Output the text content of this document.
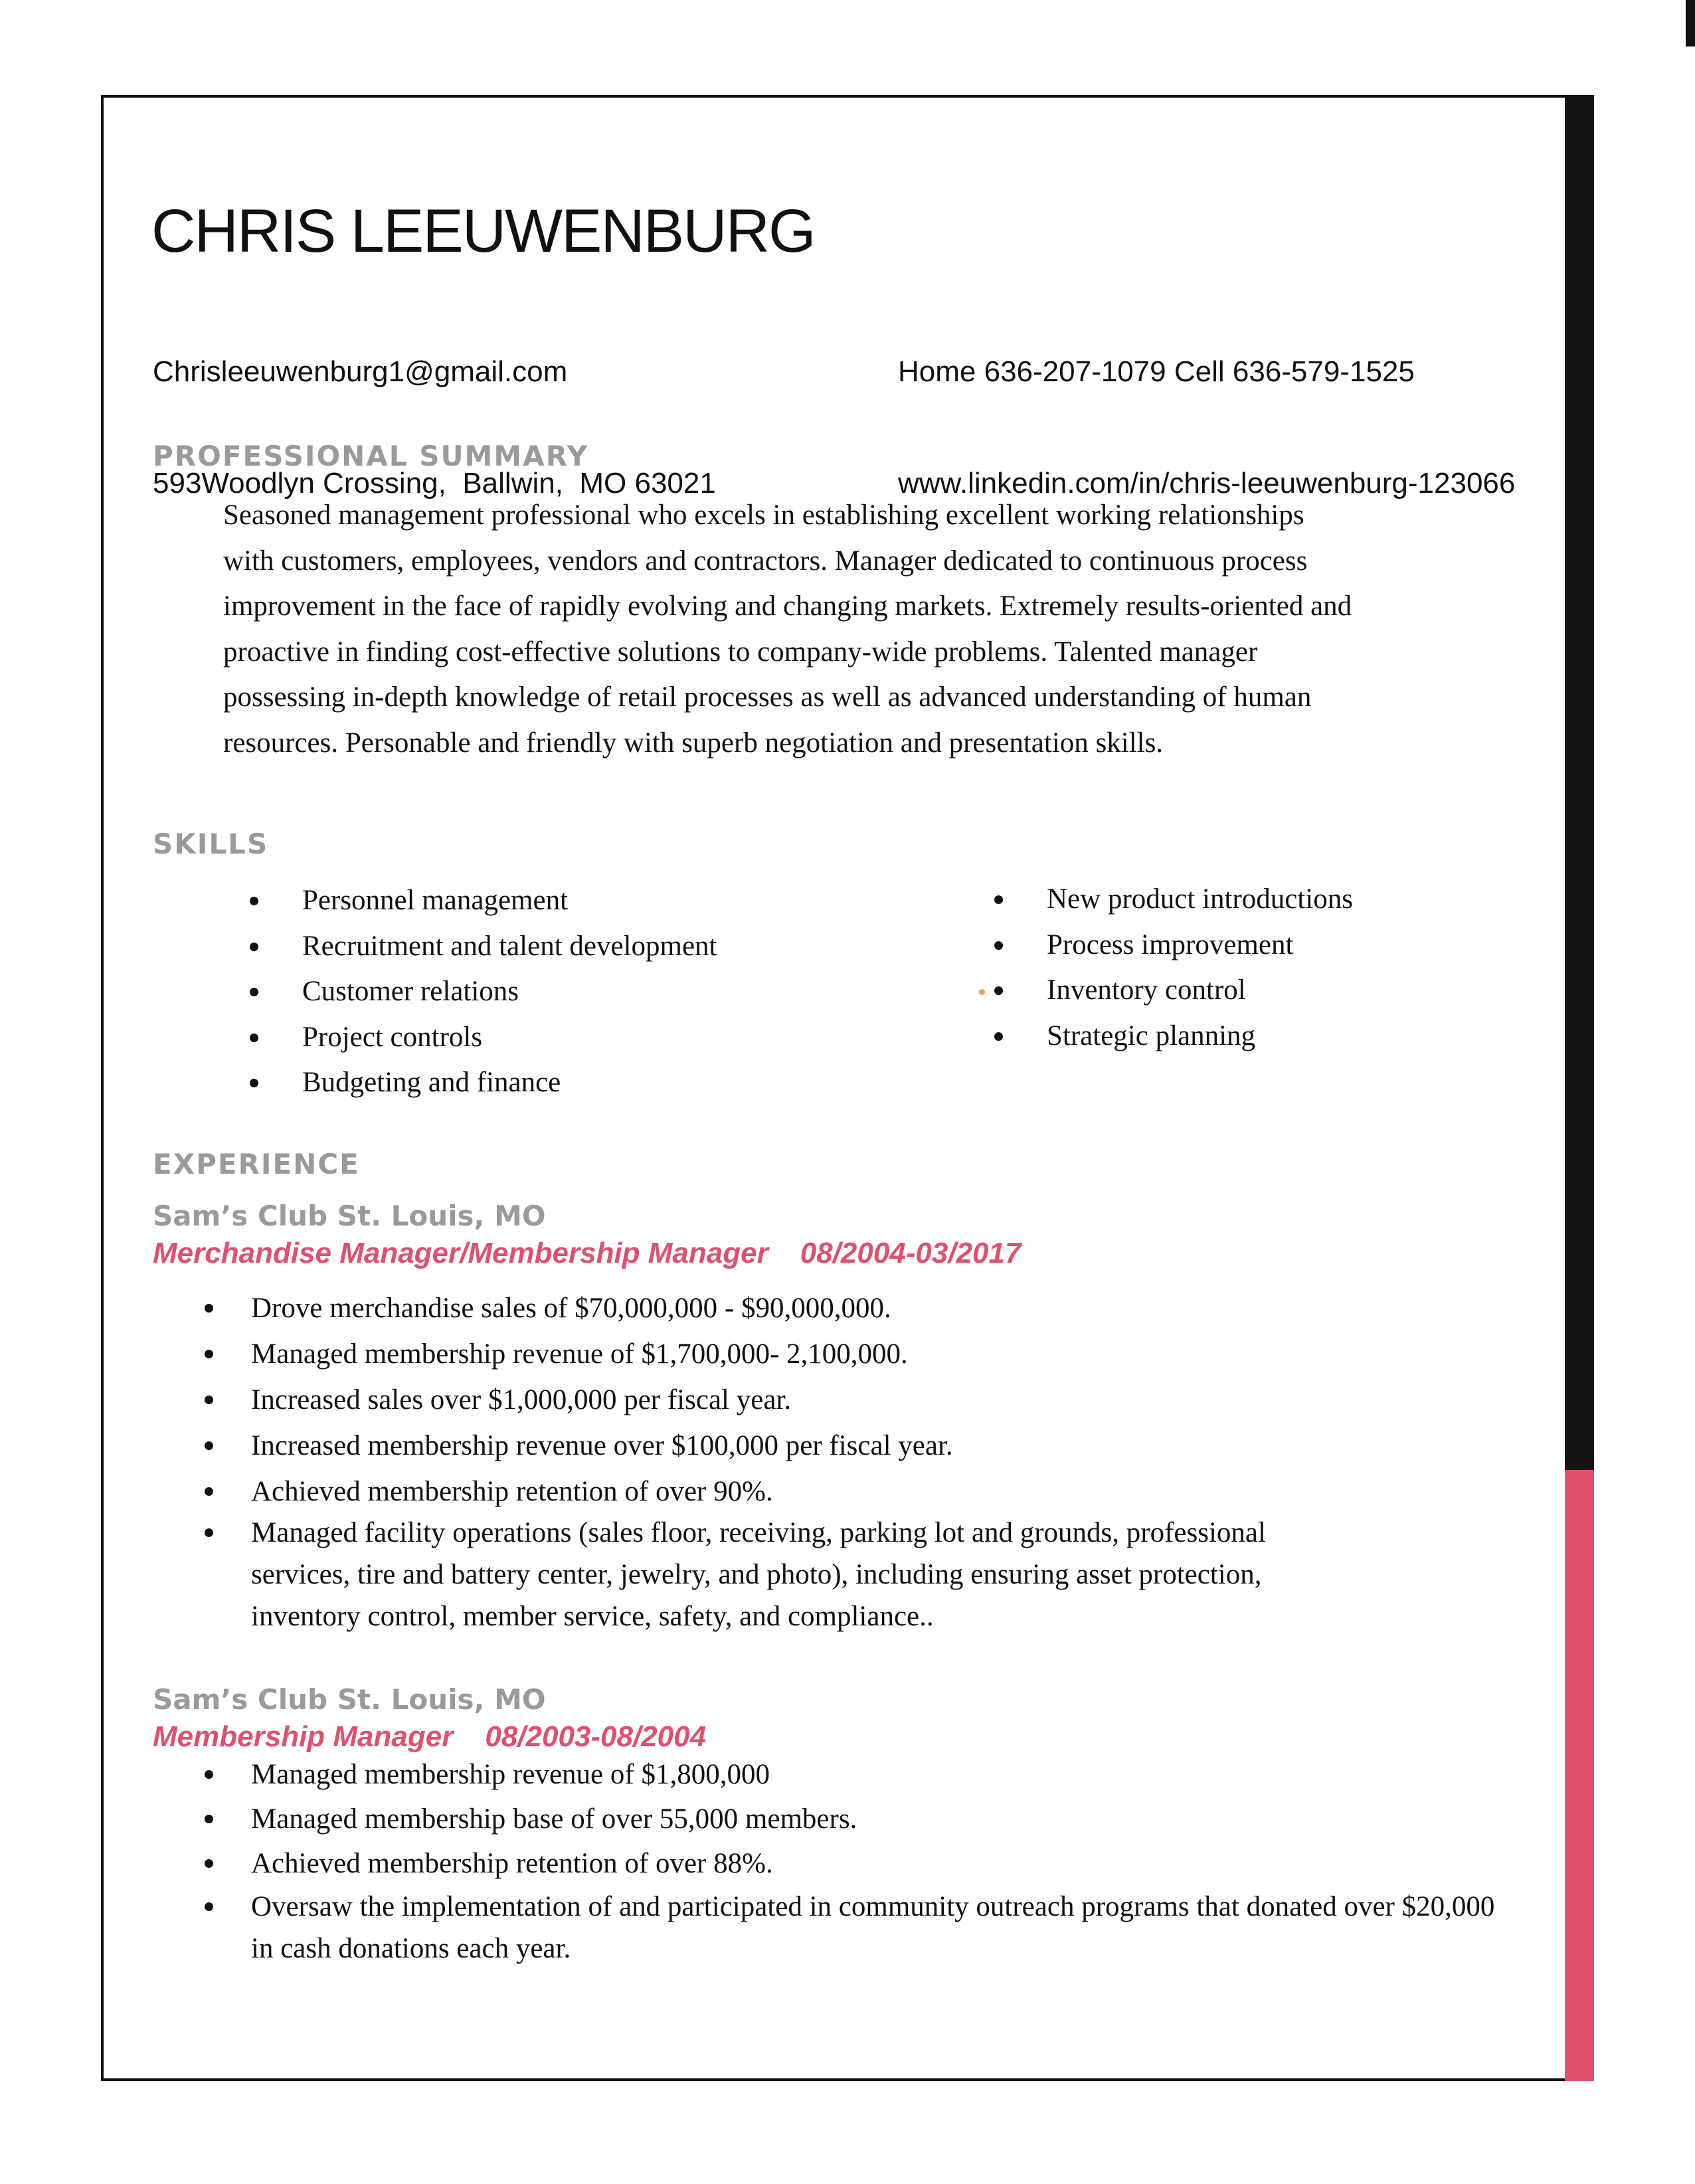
CHRIS LEEUWENBURG

Chrisleeuwenburg1@gmail.com

593Woodlyn Crossing,  Ballwin,  MO 63021

Home 636-207-1079 Cell 636-579-1525

www.linkedin.com/in/chris-leeuwenburg-123066

PROFESSIONAL SUMMARY

Seasoned management professional who excels in establishing excellent working relationships with customers, employees, vendors and contractors. Manager dedicated to continuous process improvement in the face of rapidly evolving and changing markets. Extremely results-oriented and proactive in finding cost-effective solutions to company-wide problems. Talented manager possessing in-depth knowledge of retail processes as well as advanced understanding of human resources. Personable and friendly with superb negotiation and presentation skills.

SKILLS
Personnel management
Recruitment and talent development
Customer relations
Project controls
Budgeting and finance
New product introductions
Process improvement
Inventory control
Strategic planning
EXPERIENCE
Sam’s Club St. Louis, MO
Merchandise Manager/Membership Manager 08/2004-03/2017
Drove merchandise sales of $70,000,000 - $90,000,000.
Managed membership revenue of $1,700,000- 2,100,000.
Increased sales over $1,000,000 per fiscal year.
Increased membership revenue over $100,000 per fiscal year.
Achieved membership retention of over 90%.
Managed facility operations (sales floor, receiving, parking lot and grounds, professional services, tire and battery center, jewelry, and photo), including ensuring asset protection, inventory control, member service, safety, and compliance..
Sam’s Club St. Louis, MO
Membership Manager 08/2003-08/2004
Managed membership revenue of $1,800,000
Managed membership base of over 55,000 members.
Achieved membership retention of over 88%.
Oversaw the implementation of and participated in community outreach programs that donated over $20,000 in cash donations each year.
